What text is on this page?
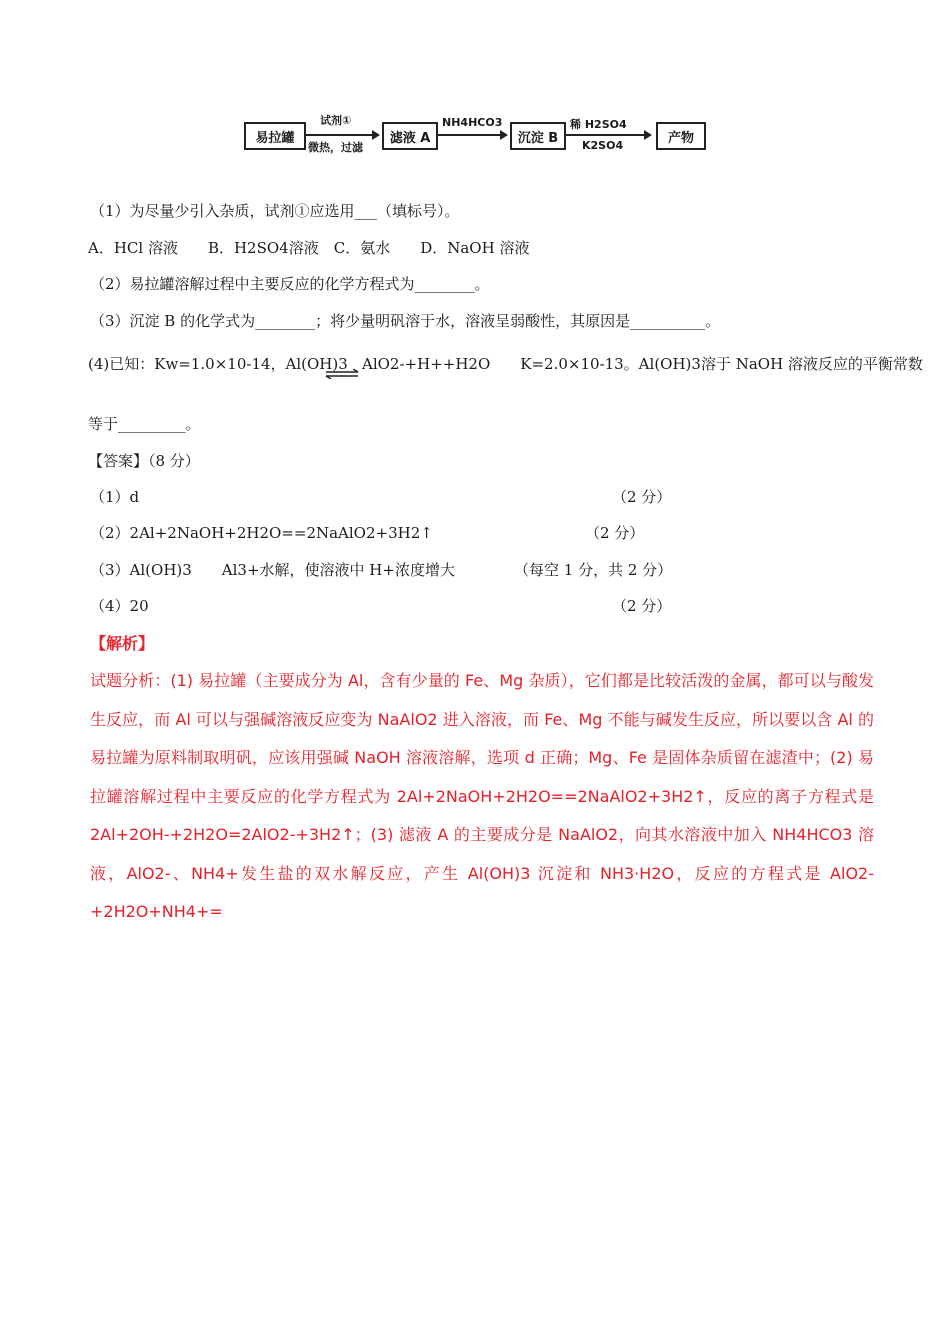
易拉罐
试剂①
微热，过滤
滤液 A
NH4HCO3
沉淀 B
稀 H2SO4
K2SO4	产物
（1）为尽量少引入杂质，试剂①应选用___（填标号）。
A．HCl 溶液　　B．H2SO4溶液　C．氨水　　D．NaOH 溶液
（2）易拉罐溶解过程中主要反应的化学方程式为________。
（3）沉淀 B 的化学式为________；将少量明矾溶于水，溶液呈弱酸性，其原因是__________。
(4)已知：Kw=1.0×10-14，Al(OH)3 ⇌ AlO2-+H++H2O　　K=2.0×10-13。Al(OH)3溶于 NaOH 溶液反应的平衡常数
等于_________。
【答案】（8 分）
（1）d	（2 分）
（2）2Al+2NaOH+2H2O==2NaAlO2+3H2↑	（2 分）
（3）Al(OH)3　　Al3+水解，使溶液中 H+浓度增大	（每空 1 分，共 2 分）
（4）20	（2 分）
【解析】

试题分析：(1) 易拉罐（主要成分为 Al，含有少量的 Fe、Mg 杂质），它们都是比较活泼的金属，都可以与酸发生反应，而 Al 可以与强碱溶液反应变为 NaAlO2 进入溶液，而 Fe、Mg 不能与碱发生反应，所以要以含 Al 的易拉罐为原料制取明矾，应该用强碱 NaOH 溶液溶解，选项 d 正确；Mg、Fe 是固体杂质留在滤渣中；(2) 易拉罐溶解过程中主要反应的化学方程式为 2Al+2NaOH+2H2O==2NaAlO2+3H2↑，反应的离子方程式是 2Al+2OH-+2H2O=2AlO2-+3H2↑；(3) 滤液 A 的主要成分是 NaAlO2，向其水溶液中加入 NH4HCO3 溶液，AlO2-、NH4+发生盐的双水解反应，产生 Al(OH)3 沉淀和 NH3·H2O，反应的方程式是 AlO2-+2H2O+NH4+=
